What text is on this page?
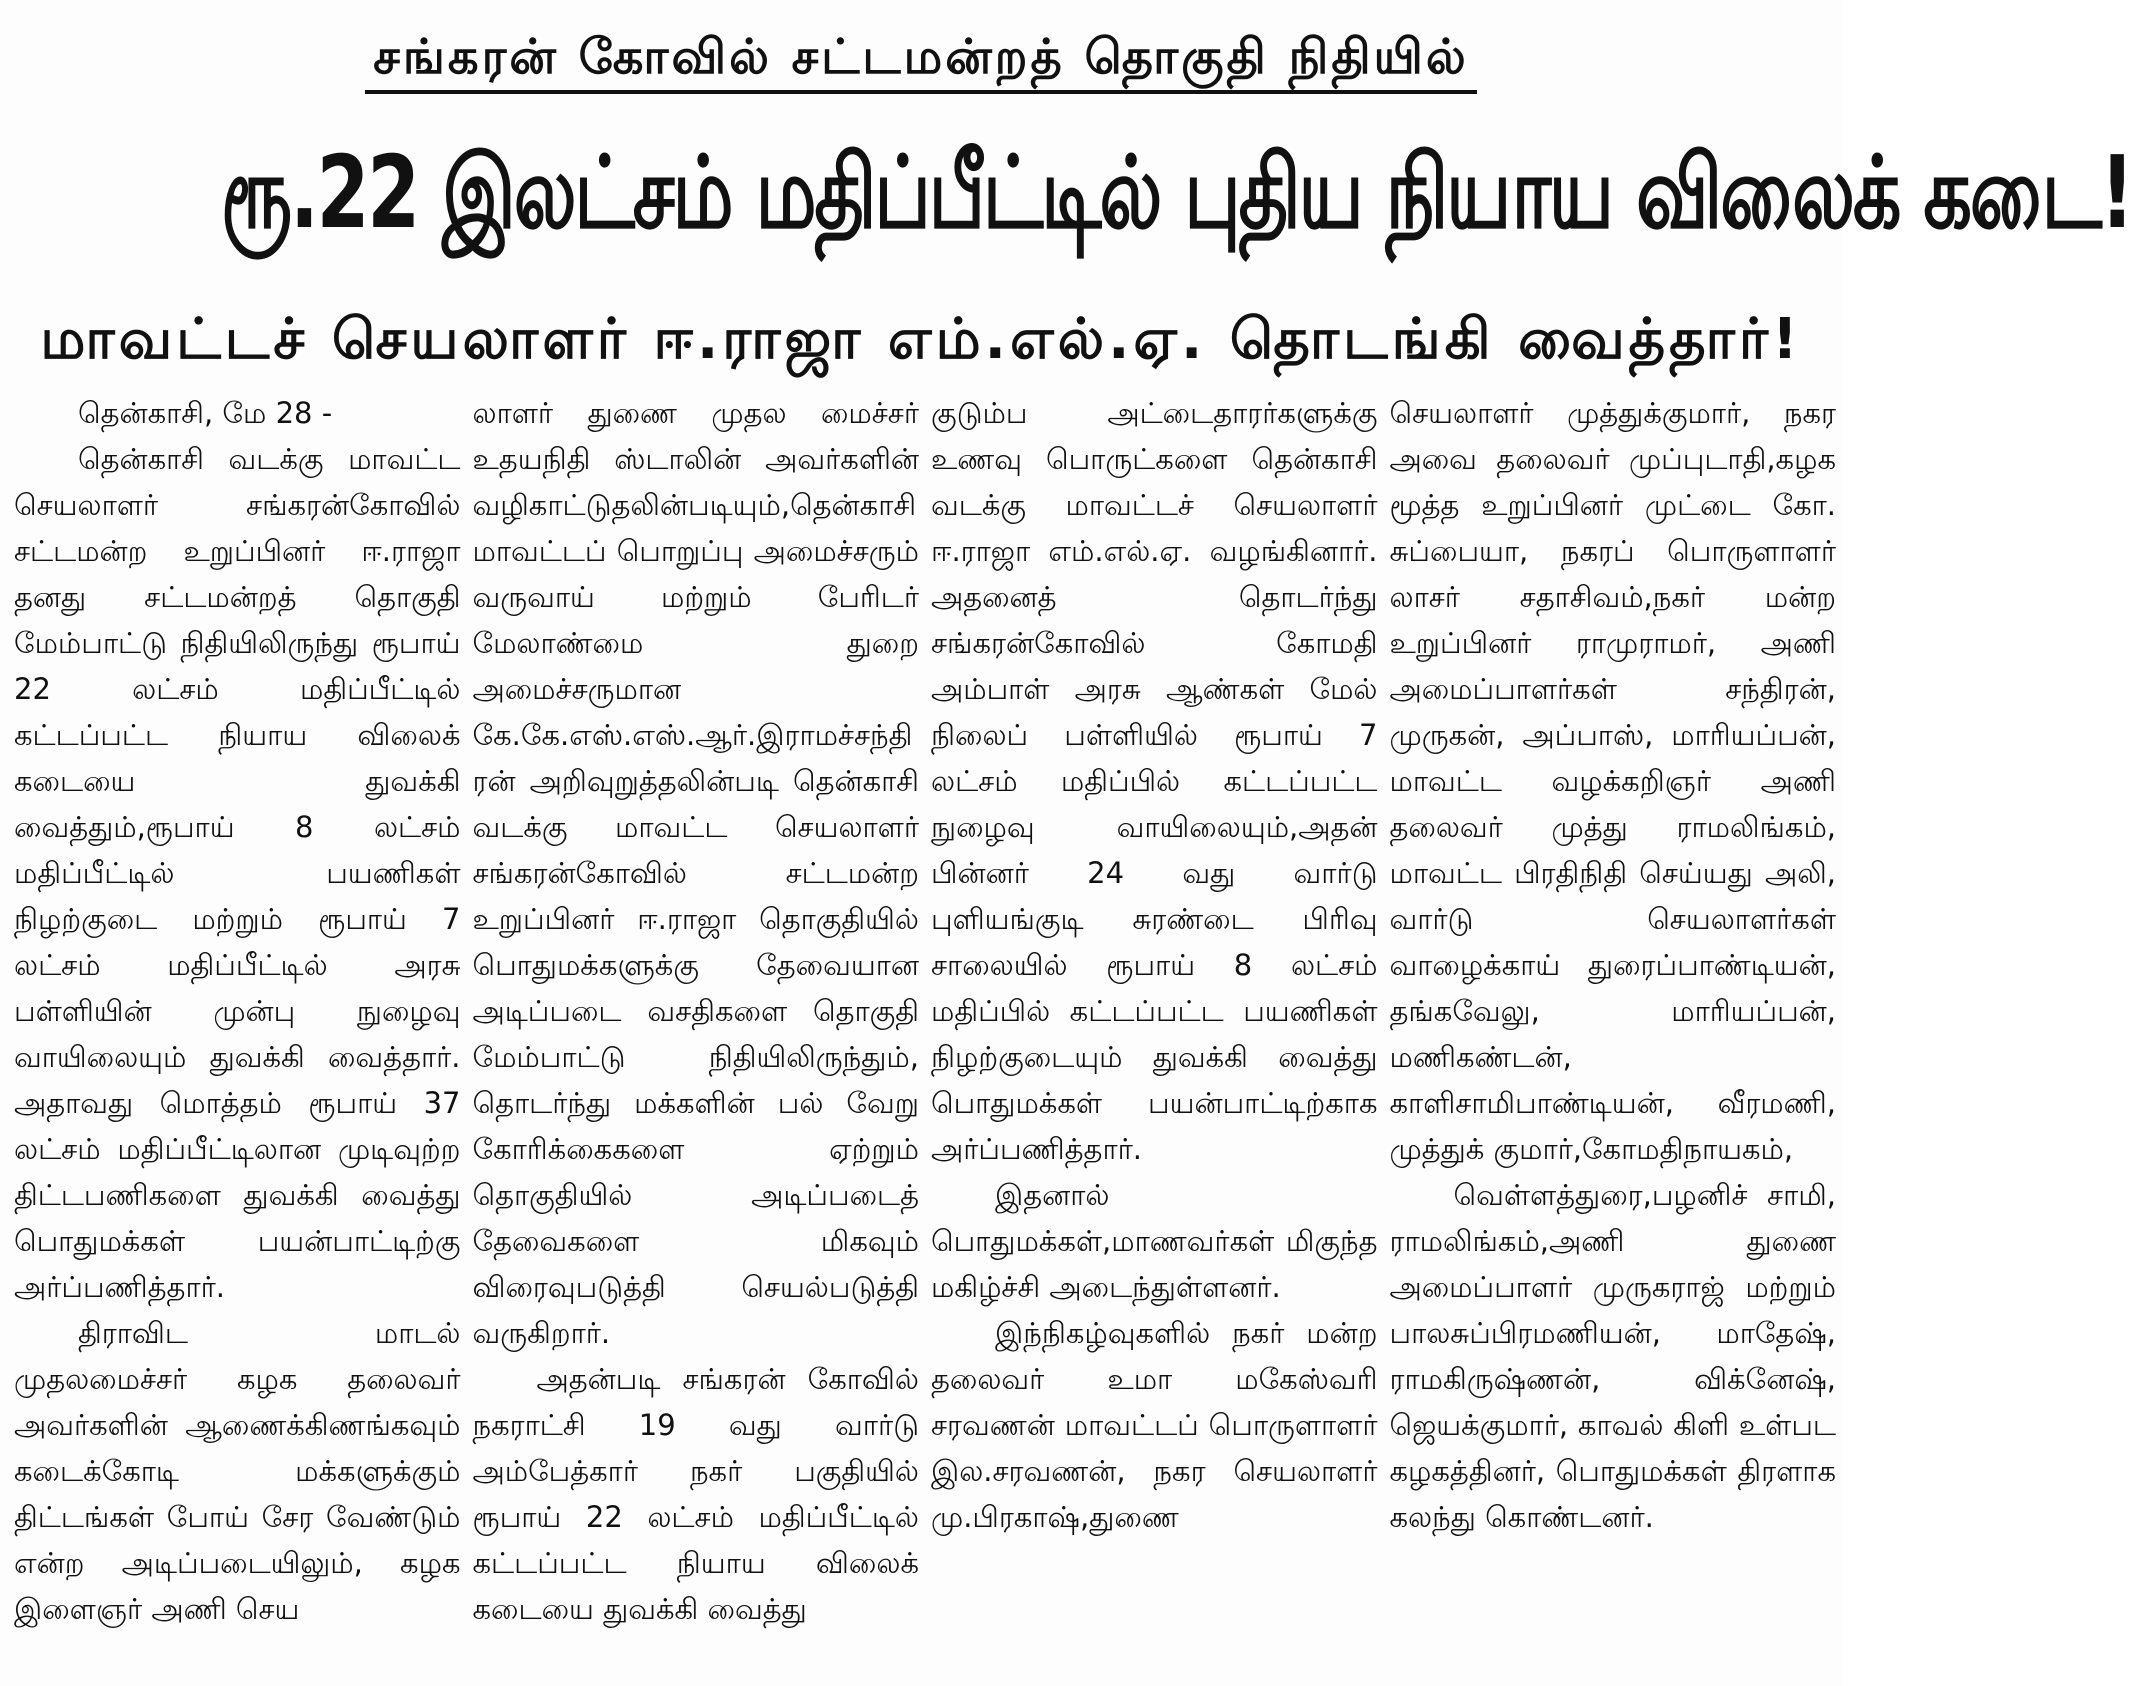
சங்கரன் கோவில் சட்டமன்றத் தொகுதி நிதியில்
ரூ.22 இலட்சம் மதிப்பீட்டில் புதிய நியாய விலைக் கடை!
மாவட்டச் செயலாளர் ஈ.ராஜா எம்.எல்.ஏ. தொடங்கி வைத்தார்!

தென்காசி, மே 28 -

தென்காசி வடக்கு மாவட்ட செயலாளர் சங்கரன்கோவில் சட்டமன்ற உறுப்பினர் ஈ.ராஜா தனது சட்டமன்றத் தொகுதி மேம்பாட்டு நிதியிலிருந்து ரூபாய் 22 லட்சம் மதிப்பீட்டில் கட்டப்பட்ட நியாய விலைக் கடையை துவக்கி வைத்தும்,ரூபாய் 8 லட்சம் மதிப்பீட்டில் பயணிகள் நிழற்குடை மற்றும் ரூபாய் 7 லட்சம் மதிப்பீட்டில் அரசு பள்ளியின் முன்பு நுழைவு வாயிலையும் துவக்கி வைத்தார். அதாவது மொத்தம் ரூபாய் 37 லட்சம் மதிப்பீட்டிலான முடிவுற்ற திட்டபணிகளை துவக்கி வைத்து பொதுமக்கள் பயன்பாட்டிற்கு அர்ப்பணித்தார்.

திராவிட மாடல் முதலமைச்சர் கழக தலைவர் அவர்களின் ஆணைக்கிணங்கவும் கடைக்கோடி மக்களுக்கும் திட்டங்கள் போய் சேர வேண்டும் என்ற அடிப்படையிலும், கழக இளைஞர் அணி செய

லாளர் துணை முதல மைச்சர் உதயநிதி ஸ்டாலின் அவர்களின் வழிகாட்டுதலின்படியும்,தென்காசி மாவட்டப் பொறுப்பு அமைச்சரும் வருவாய் மற்றும் பேரிடர் மேலாண்மை துறை அமைச்சருமான கே.கே.எஸ்.எஸ்.ஆர்.இராமச்சந்திரன் அறிவுறுத்தலின்படி தென்காசி வடக்கு மாவட்ட செயலாளர் சங்கரன்கோவில் சட்டமன்ற உறுப்பினர் ஈ.ராஜா தொகுதியில் பொதுமக்களுக்கு தேவையான அடிப்படை வசதிகளை தொகுதி மேம்பாட்டு நிதியிலிருந்தும், தொடர்ந்து மக்களின் பல் வேறு கோரிக்கைகளை ஏற்றும் தொகுதியில் அடிப்படைத் தேவைகளை மிகவும் விரைவுபடுத்தி செயல்படுத்தி வருகிறார்.

அதன்படி சங்கரன் கோவில் நகராட்சி 19 வது வார்டு அம்பேத்கார் நகர் பகுதியில் ரூபாய் 22 லட்சம் மதிப்பீட்டில் கட்டப்பட்ட நியாய விலைக் கடையை துவக்கி வைத்து

குடும்ப அட்டைதாரர்களுக்கு உணவு பொருட்களை தென்காசி வடக்கு மாவட்டச் செயலாளர் ஈ.ராஜா எம்.எல்.ஏ. வழங்கினார். அதனைத் தொடர்ந்து சங்கரன்கோவில் கோமதி அம்பாள் அரசு ஆண்கள் மேல் நிலைப் பள்ளியில் ரூபாய் 7 லட்சம் மதிப்பில் கட்டப்பட்ட நுழைவு வாயிலையும்,அதன் பின்னர் 24 வது வார்டு புளியங்குடி சுரண்டை பிரிவு சாலையில் ரூபாய் 8 லட்சம் மதிப்பில் கட்டப்பட்ட பயணிகள் நிழற்குடையும் துவக்கி வைத்து பொதுமக்கள் பயன்பாட்டிற்காக அர்ப்பணித்தார்.

இதனால் பொதுமக்கள்,மாணவர்கள் மிகுந்த மகிழ்ச்சி அடைந்துள்ளனர்.

இந்நிகழ்வுகளில் நகர் மன்ற தலைவர் உமா மகேஸ்வரி சரவணன் மாவட்டப் பொருளாளர் இல.சரவணன், நகர செயலாளர் மு.பிரகாஷ்,துணை

செயலாளர் முத்துக்குமார், நகர அவை தலைவர் முப்புடாதி,கழக மூத்த உறுப்பினர் முட்டை கோ. சுப்பையா, நகரப் பொருளாளர் லாசர் சதாசிவம்,நகர் மன்ற உறுப்பினர் ராமுராமர், அணி அமைப்பாளர்கள் சந்திரன், முருகன், அப்பாஸ், மாரியப்பன், மாவட்ட வழக்கறிஞர் அணி தலைவர் முத்து ராமலிங்கம், மாவட்ட பிரதிநிதி செய்யது அலி, வார்டு செயலாளர்கள் வாழைக்காய் துரைப்பாண்டியன், தங்கவேலு, மாரியப்பன், மணிகண்டன், காளிசாமிபாண்டியன், வீரமணி, முத்துக் குமார்,கோமதிநாயகம்,

வெள்ளத்துரை,பழனிச் சாமி, ராமலிங்கம்,அணி துணை அமைப்பாளர் முருகராஜ் மற்றும் பாலசுப்பிரமணியன், மாதேஷ், ராமகிருஷ்ணன், விக்னேஷ், ஜெயக்குமார், காவல் கிளி உள்பட கழகத்தினர், பொதுமக்கள் திரளாக கலந்து கொண்டனர்.
